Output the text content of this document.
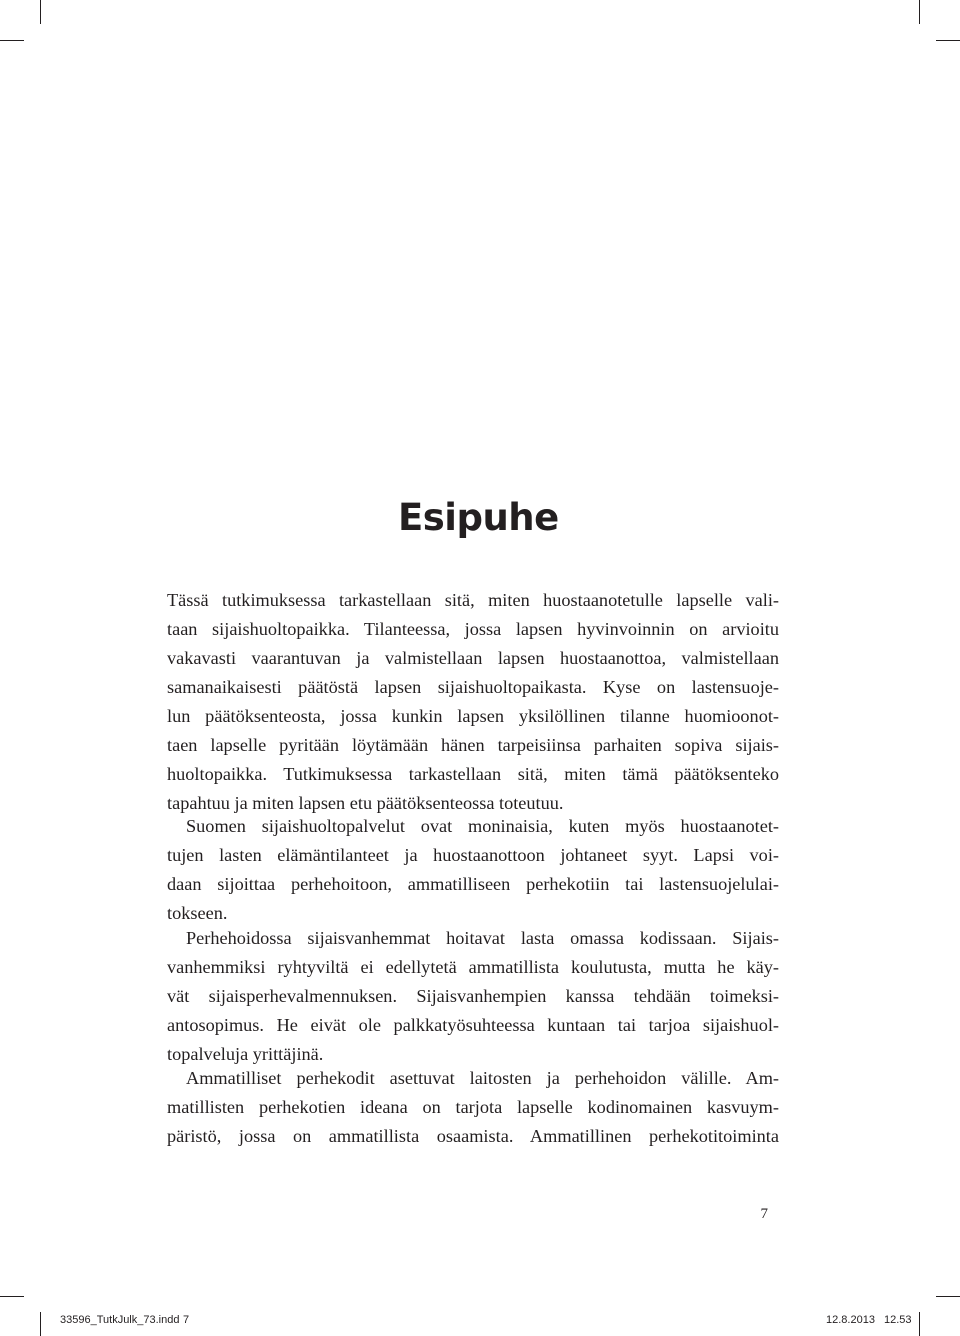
Esipuhe
Tässä tutkimuksessa tarkastellaan sitä, miten huostaanotetulle lapselle vali-
taan sijaishuoltopaikka. Tilanteessa, jossa lapsen hyvinvoinnin on arvioitu
vakavasti vaarantuvan ja valmistellaan lapsen huostaanottoa, valmistellaan
samanaikaisesti päätöstä lapsen sijaishuoltopaikasta. Kyse on lastensuoje-
lun päätöksenteosta, jossa kunkin lapsen yksilöllinen tilanne huomioonot-
taen lapselle pyritään löytämään hänen tarpeisiinsa parhaiten sopiva sijais-
huoltopaikka. Tutkimuksessa tarkastellaan sitä, miten tämä päätöksenteko
tapahtuu ja miten lapsen etu päätöksenteossa toteutuu.
Suomen sijaishuoltopalvelut ovat moninaisia, kuten myös huostaanotet-
tujen lasten elämäntilanteet ja huostaanottoon johtaneet syyt. Lapsi voi-
daan sijoittaa perhehoitoon, ammatilliseen perhekotiin tai lastensuojelulai-
tokseen.
Perhehoidossa sijaisvanhemmat hoitavat lasta omassa kodissaan. Sijais-
vanhemmiksi ryhtyviltä ei edellytetä ammatillista koulutusta, mutta he käy-
vät sijaisperhevalmennuksen. Sijaisvanhempien kanssa tehdään toimeksi-
antosopimus. He eivät ole palkkatyösuhteessa kuntaan tai tarjoa sijaishuol-
topalveluja yrittäjinä.
Ammatilliset perhekodit asettuvat laitosten ja perhehoidon välille. Am-
matillisten perhekotien ideana on tarjota lapselle kodinomainen kasvuym-
päristö, jossa on ammatillista osaamista. Ammatillinen perhekotitoiminta
7
33596_TutkJulk_73.indd 7	12.8.2013 12.53
